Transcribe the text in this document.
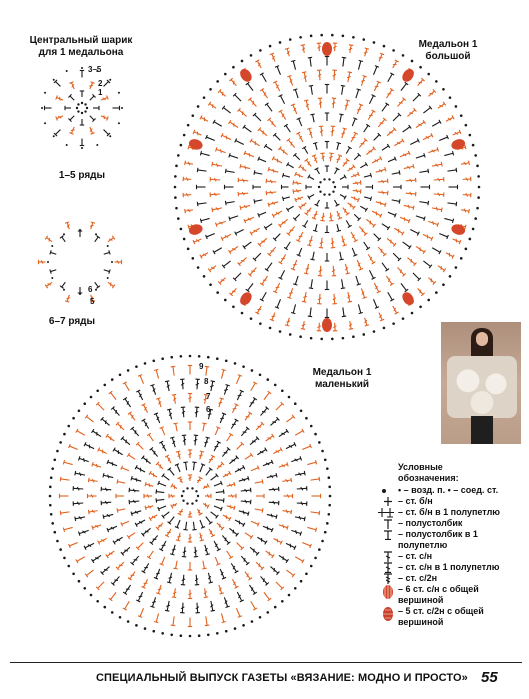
Центральный шарик
для 1 медальона
1–5 ряды
6–7 ряды
Медальон 1
большой
Медальон 1
маленький
3–5
2
1
6
5
9
8
7
6
Условные
обозначения:
• – возд. п. • – соед. ст.
– ст. б/н
– ст. б/н в 1 полупетлю
– полустолбик
– полустолбик в 1 полупетлю
– ст. с/н
– ст. с/н в 1 полупетлю
– ст. с/2н
– 6 ст. с/н с общей вершиной
– 5 ст. с/2н с общей вершиной
СПЕЦИАЛЬНЫЙ ВЫПУСК ГАЗЕТЫ «ВЯЗАНИЕ: МОДНО И ПРОСТО» 55
